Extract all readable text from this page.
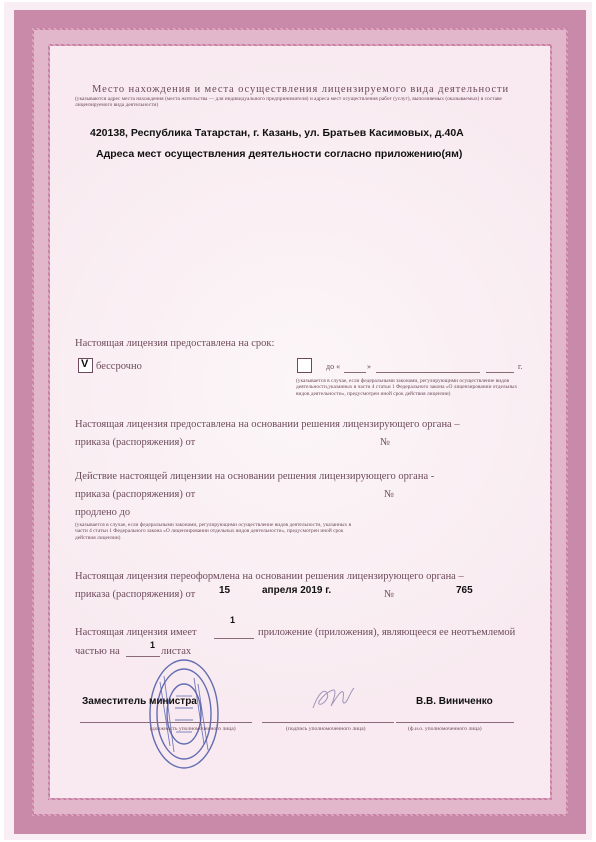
Место нахождения и места осуществления лицензируемого вида деятельности
(указываются адрес места нахождения (места жительства — для индивидуального предпринимателя) и адреса мест осуществления работ (услуг), выполняемых (оказываемых) в составе лицензируемого вида деятельности)
420138, Республика Татарстан, г. Казань, ул. Братьев Касимовых, д.40А
Адреса мест осуществления деятельности согласно приложению(ям)
Настоящая лицензия предоставлена на срок:
V бессрочно	до «	»	г.
(указывается в случае, если федеральными законами, регулирующими осуществление видов деятельности,указанных в части 4 статьи 1 Федерального закона «О лицензировании отдельных видов деятельности», предусмотрен иной срок действия лицензии)
Настоящая лицензия предоставлена на основании решения лицензирующего органа –
приказа (распоряжения) от	№
Действие настоящей лицензии на основании решения лицензирующего органа -
приказа (распоряжения) от	№
продлено до
(указывается в случае, если федеральными законами, регулирующими осуществление видов деятельности, указанных в части 4 статьи 1 Федерального закона «О лицензировании отдельных видов деятельности», предусмотрен иной срок действия лицензии)
Настоящая лицензия переоформлена на основании решения лицензирующего органа –
приказа (распоряжения) от 15	апреля 2019 г.	№	765
Настоящая лицензия имеет
1
приложение (приложения), являющееся ее неотъемлемой
частью на
1
листах
Заместитель министра
(должность уполномоченного лица)	(подпись уполномоченного лица)
В.В. Виниченко
(ф.и.о. уполномоченного лица)
